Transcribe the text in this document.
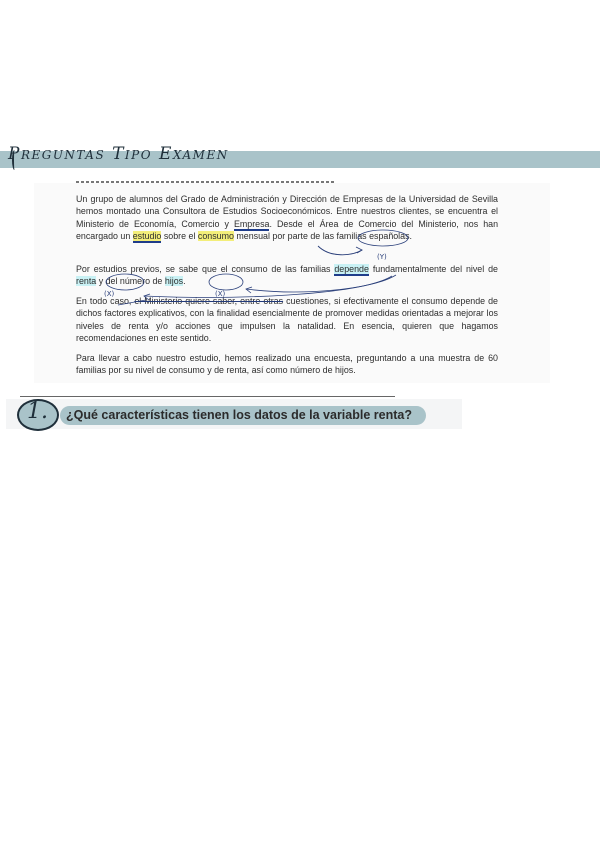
Preguntas Tipo Examen

Un grupo de alumnos del Grado de Administración y Dirección de Empresas de la Universidad de Sevilla hemos montado una Consultora de Estudios Socioeconómicos. Entre nuestros clientes, se encuentra el Ministerio de Economía, Comercio y Empresa. Desde el Área de Comercio del Ministerio, nos han encargado un estudio sobre el consumo mensual por parte de las familias españolas.

Por estudios previos, se sabe que el consumo de las familias depende fundamentalmente del nivel de renta y del número de hijos.

En todo caso, el Ministerio quiere saber, entre otras cuestiones, si efectivamente el consumo depende de dichos factores explicativos, con la finalidad esencialmente de promover medidas orientadas a mejorar los niveles de renta y/o acciones que impulsen la natalidad. En esencia, quieren que hagamos recomendaciones en este sentido.

Para llevar a cabo nuestro estudio, hemos realizado una encuesta, preguntando a una muestra de 60 familias por su nivel de consumo y de renta, así como número de hijos.

(Y)
(X)	(X)
¿Qué características tienen los datos de la variable renta?
1.
